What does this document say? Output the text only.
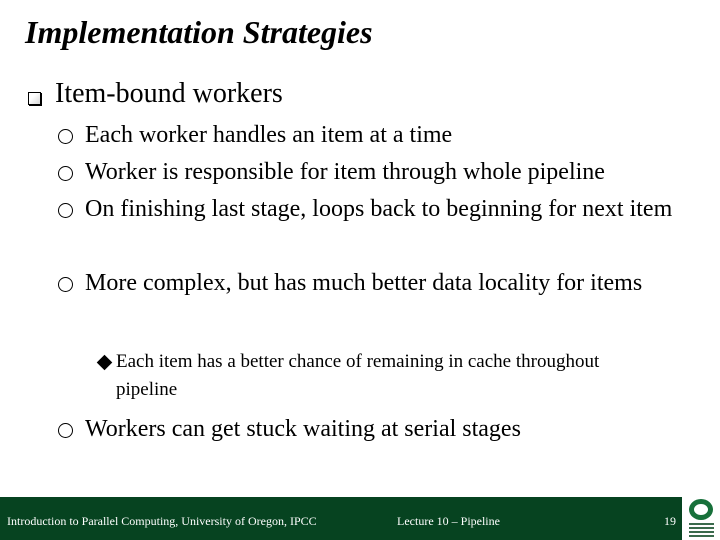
Implementation Strategies
Item-bound workers
Each worker handles an item at a time
Worker is responsible for item through whole pipeline
On finishing last stage, loops back to beginning for next item
More complex, but has much better data locality for items
Each item has a better chance of remaining in cache throughout pipeline
Workers can get stuck waiting at serial stages
Introduction to Parallel Computing, University of Oregon, IPCC	Lecture 10 – Pipeline	19
